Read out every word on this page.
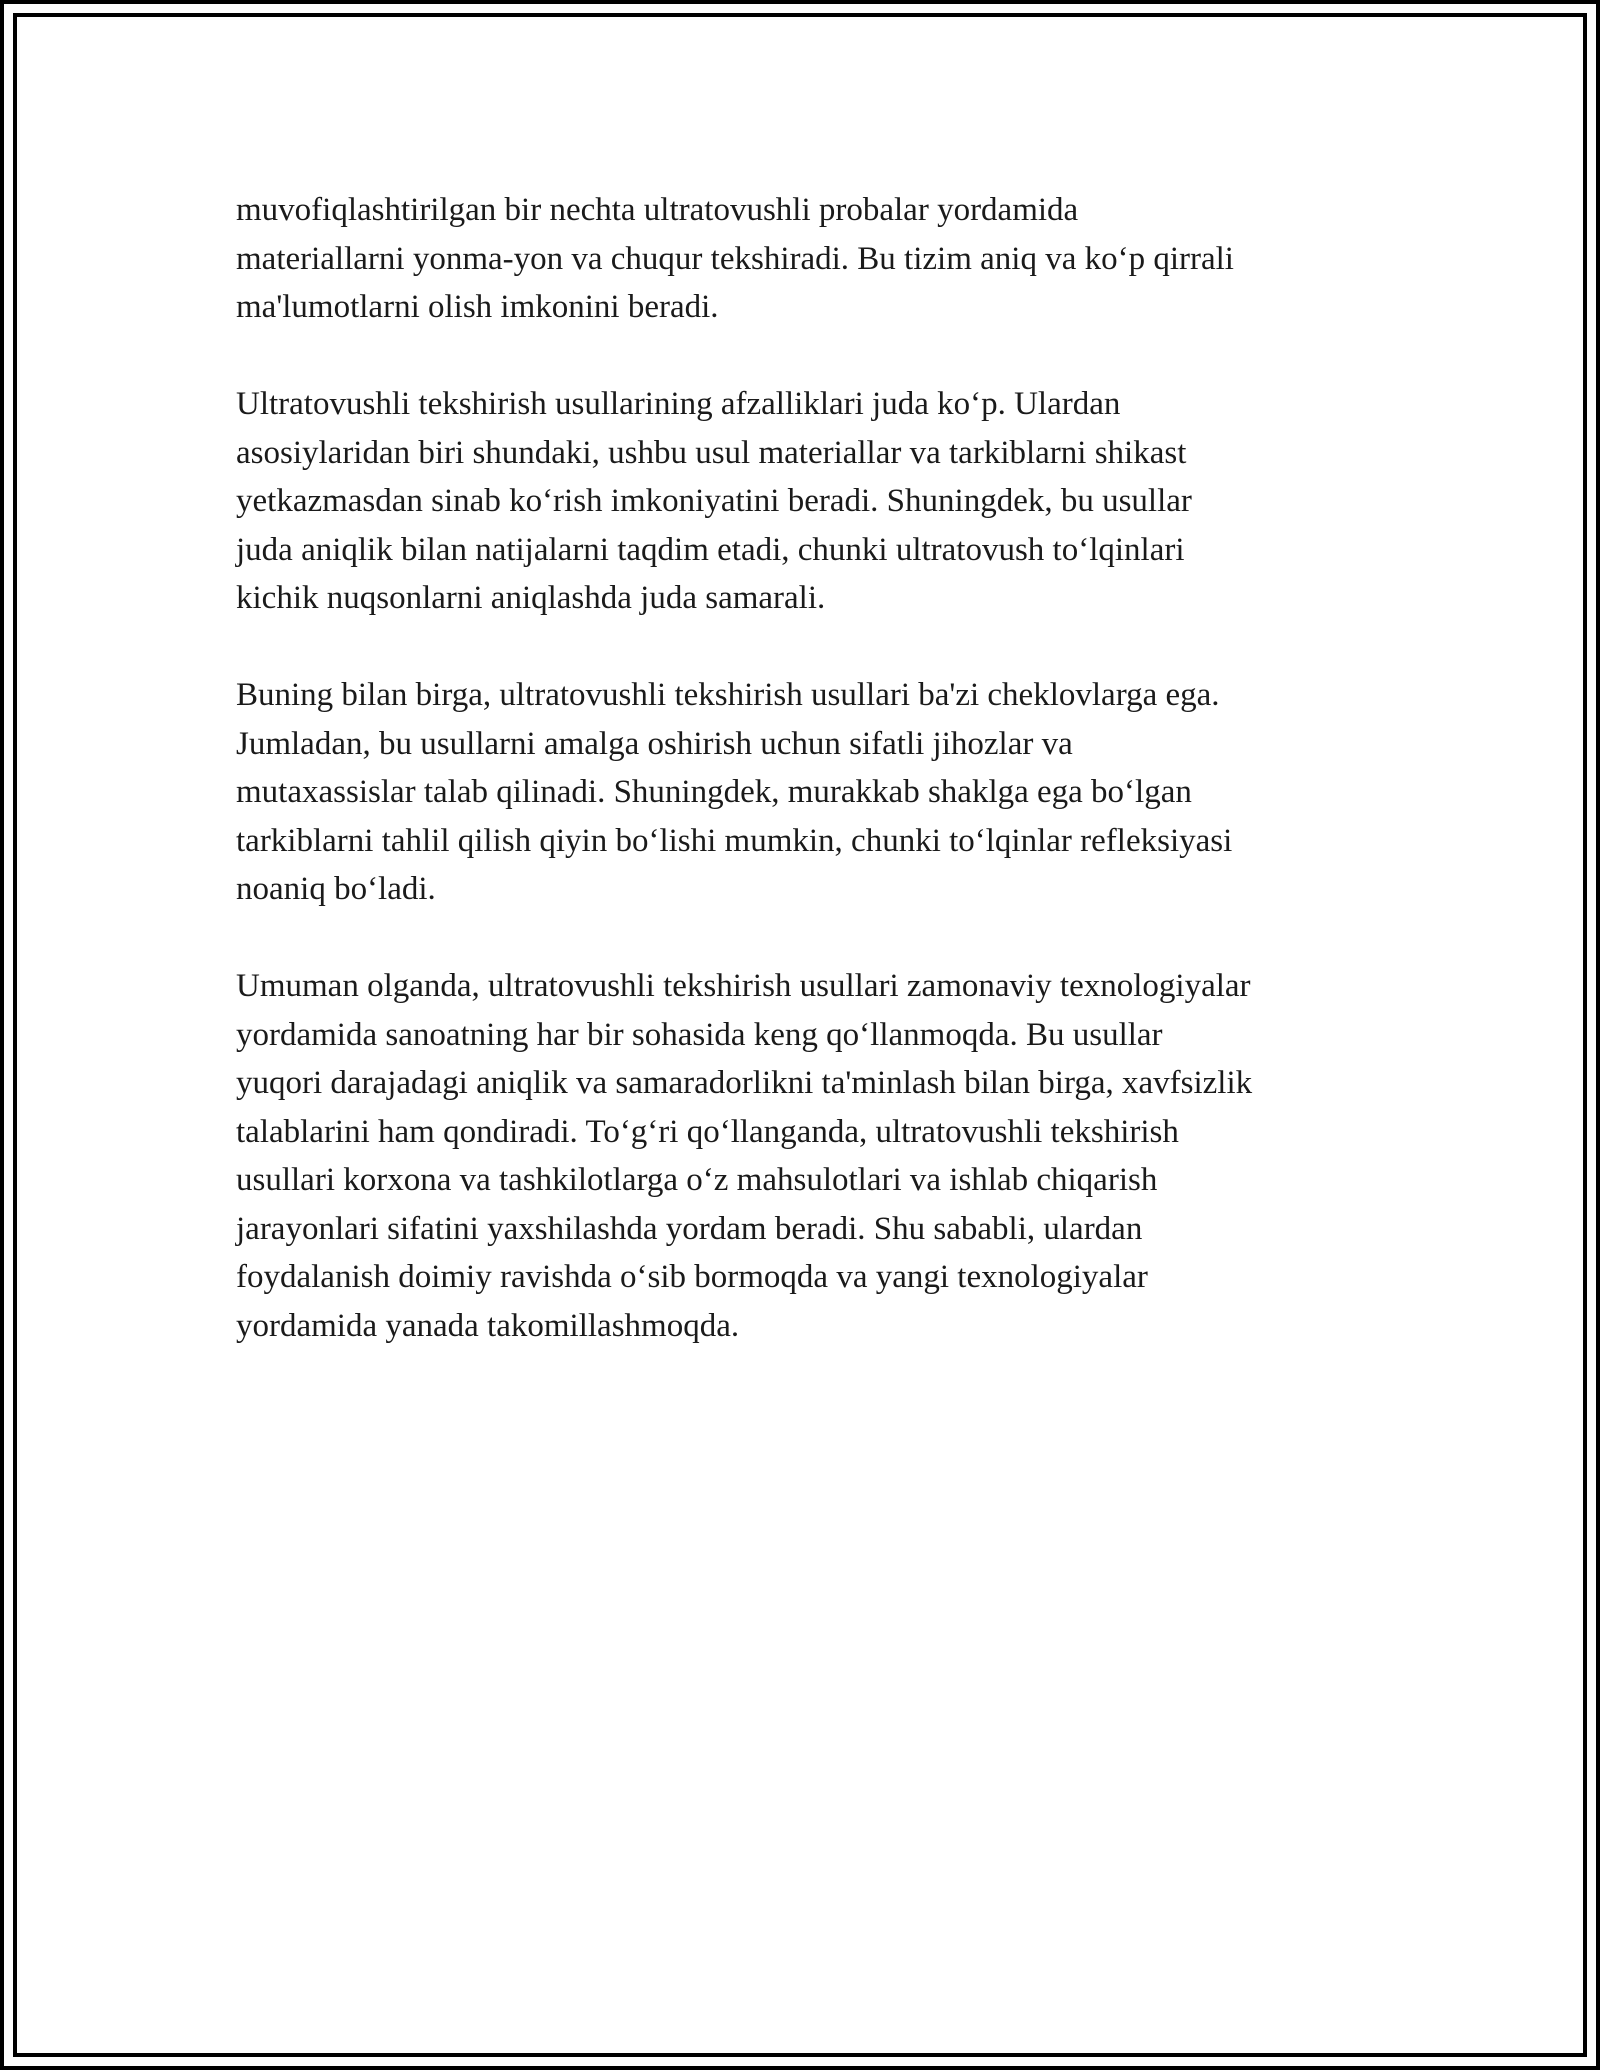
muvofiqlashtirilgan bir nechta ultratovushli probalar yordamida
materiallarni yonma-yon va chuqur tekshiradi. Bu tizim aniq va ko‘p qirrali
ma'lumotlarni olish imkonini beradi.

Ultratovushli tekshirish usullarining afzalliklari juda ko‘p. Ulardan
asosiylaridan biri shundaki, ushbu usul materiallar va tarkiblarni shikast
yetkazmasdan sinab ko‘rish imkoniyatini beradi. Shuningdek, bu usullar
juda aniqlik bilan natijalarni taqdim etadi, chunki ultratovush to‘lqinlari
kichik nuqsonlarni aniqlashda juda samarali.

Buning bilan birga, ultratovushli tekshirish usullari ba'zi cheklovlarga ega.
Jumladan, bu usullarni amalga oshirish uchun sifatli jihozlar va
mutaxassislar talab qilinadi. Shuningdek, murakkab shaklga ega bo‘lgan
tarkiblarni tahlil qilish qiyin bo‘lishi mumkin, chunki to‘lqinlar refleksiyasi
noaniq bo‘ladi.

Umuman olganda, ultratovushli tekshirish usullari zamonaviy texnologiyalar
yordamida sanoatning har bir sohasida keng qo‘llanmoqda. Bu usullar
yuqori darajadagi aniqlik va samaradorlikni ta'minlash bilan birga, xavfsizlik
talablarini ham qondiradi. To‘g‘ri qo‘llanganda, ultratovushli tekshirish
usullari korxona va tashkilotlarga o‘z mahsulotlari va ishlab chiqarish
jarayonlari sifatini yaxshilashda yordam beradi. Shu sababli, ulardan
foydalanish doimiy ravishda o‘sib bormoqda va yangi texnologiyalar
yordamida yanada takomillashmoqda.
